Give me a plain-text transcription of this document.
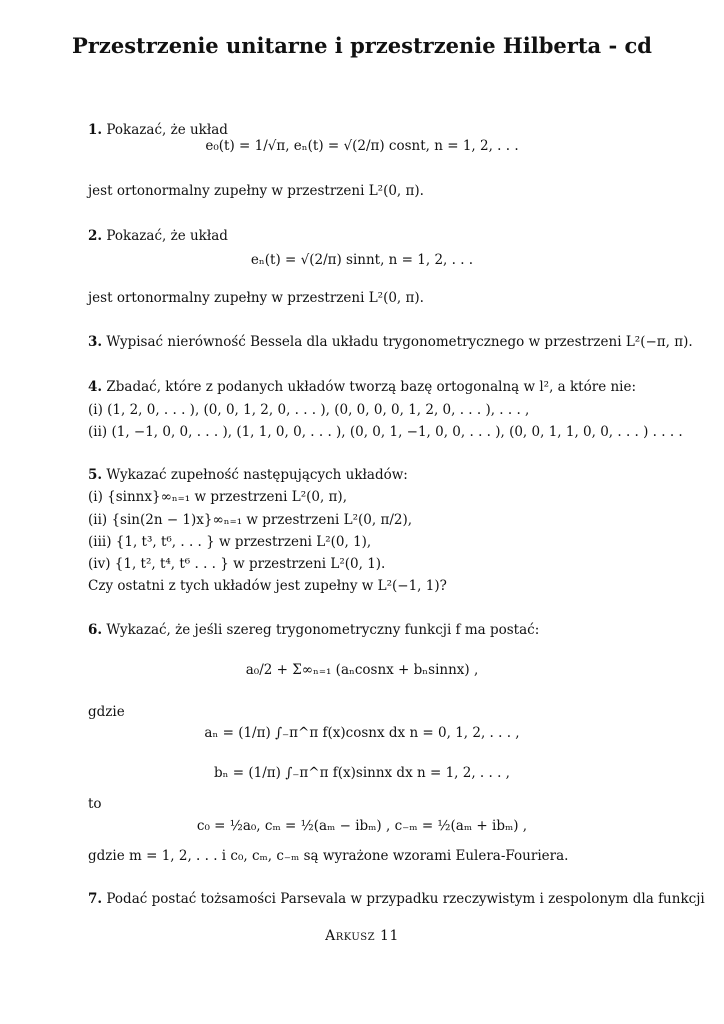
Przestrzenie unitarne i przestrzenie Hilberta - cd
1. Pokazać, że układ
e₀(t) = 1/√π, eₙ(t) = √(2/π) cosnt, n = 1, 2, . . .
jest ortonormalny zupełny w przestrzeni L²(0, π).
2. Pokazać, że układ
eₙ(t) = √(2/π) sinnt, n = 1, 2, . . .
jest ortonormalny zupełny w przestrzeni L²(0, π).
3. Wypisać nierówność Bessela dla układu trygonometrycznego w przestrzeni L²(−π, π).
4. Zbadać, które z podanych układów tworzą bazę ortogonalną w l², a które nie:
(i) (1, 2, 0, . . . ), (0, 0, 1, 2, 0, . . . ), (0, 0, 0, 0, 1, 2, 0, . . . ), . . . ,
(ii) (1, −1, 0, 0, . . . ), (1, 1, 0, 0, . . . ), (0, 0, 1, −1, 0, 0, . . . ), (0, 0, 1, 1, 0, 0, . . . ) . . . .
5. Wykazać zupełność następujących układów:
(i) {sinnx}∞ₙ₌₁ w przestrzeni L²(0, π),
(ii) {sin(2n − 1)x}∞ₙ₌₁ w przestrzeni L²(0, π/2),
(iii) {1, t³, t⁶, . . . } w przestrzeni L²(0, 1),
(iv) {1, t², t⁴, t⁶ . . . } w przestrzeni L²(0, 1).
Czy ostatni z tych układów jest zupełny w L²(−1, 1)?
6. Wykazać, że jeśli szereg trygonometryczny funkcji f ma postać:
a₀/2 + Σ∞ₙ₌₁ (aₙcosnx + bₙsinnx) ,
gdzie
aₙ = (1/π) ∫₋π^π f(x)cosnx dx n = 0, 1, 2, . . . ,
bₙ = (1/π) ∫₋π^π f(x)sinnx dx n = 1, 2, . . . ,
to
c₀ = ½a₀, cₘ = ½(aₘ − ibₘ) , c₋ₘ = ½(aₘ + ibₘ) ,
gdzie m = 1, 2, . . . i c₀, cₘ, c₋ₘ są wyrażone wzorami Eulera-Fouriera.
7. Podać postać tożsamości Parsevala w przypadku rzeczywistym i zespolonym dla funkcji
Arkusz 11
